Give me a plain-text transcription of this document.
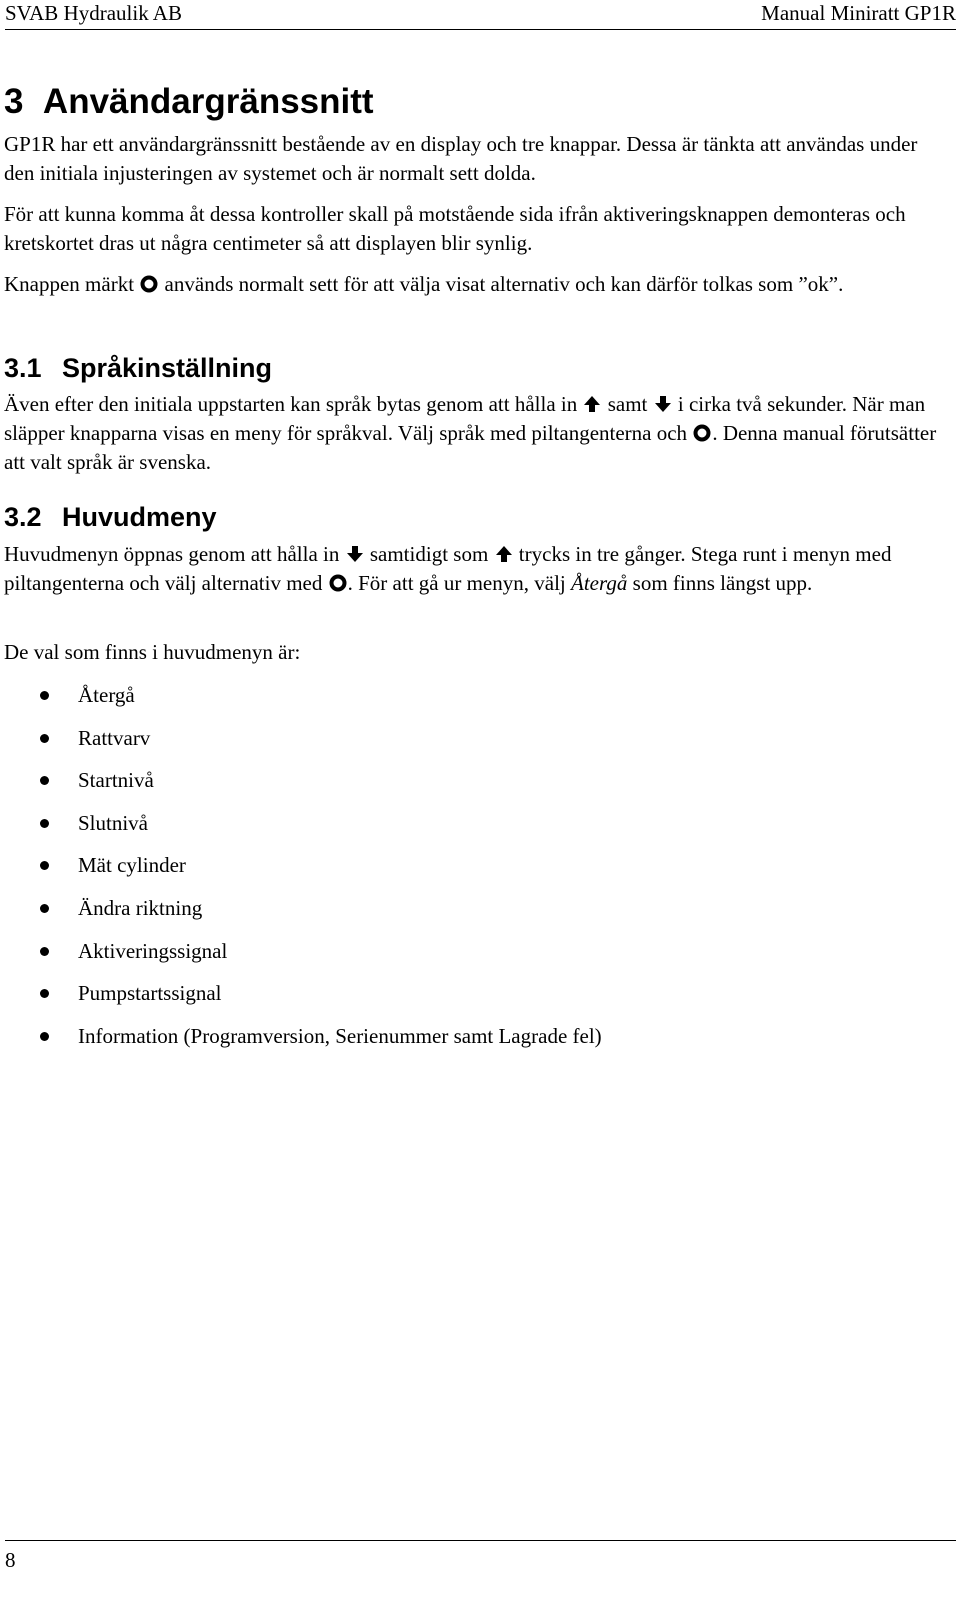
SVAB Hydraulik AB	Manual Miniratt GP1R
3 Användargränssnitt

GP1R har ett användargränssnitt bestående av en display och tre knappar. Dessa är tänkta att användas under den initiala injusteringen av systemet och är normalt sett dolda.

För att kunna komma åt dessa kontroller skall på motstående sida ifrån aktiveringsknappen demonteras och kretskortet dras ut några centimeter så att displayen blir synlig.

Knappen märkt används normalt sett för att välja visat alternativ och kan därför tolkas som ”ok”.

3.1 Språkinställning

Även efter den initiala uppstarten kan språk bytas genom att hålla in samt i cirka två sekunder. När man släpper knapparna visas en meny för språkval. Välj språk med piltangenterna och . Denna manual förutsätter att valt språk är svenska.

3.2 Huvudmeny

Huvudmenyn öppnas genom att hålla in samtidigt som trycks in tre gånger. Stega runt i menyn med piltangenterna och välj alternativ med . För att gå ur menyn, välj Återgå som finns längst upp.

De val som finns i huvudmenyn är:

Återgå
Rattvarv
Startnivå
Slutnivå
Mät cylinder
Ändra riktning
Aktiveringssignal
Pumpstartssignal
Information (Programversion, Serienummer samt Lagrade fel)
8
